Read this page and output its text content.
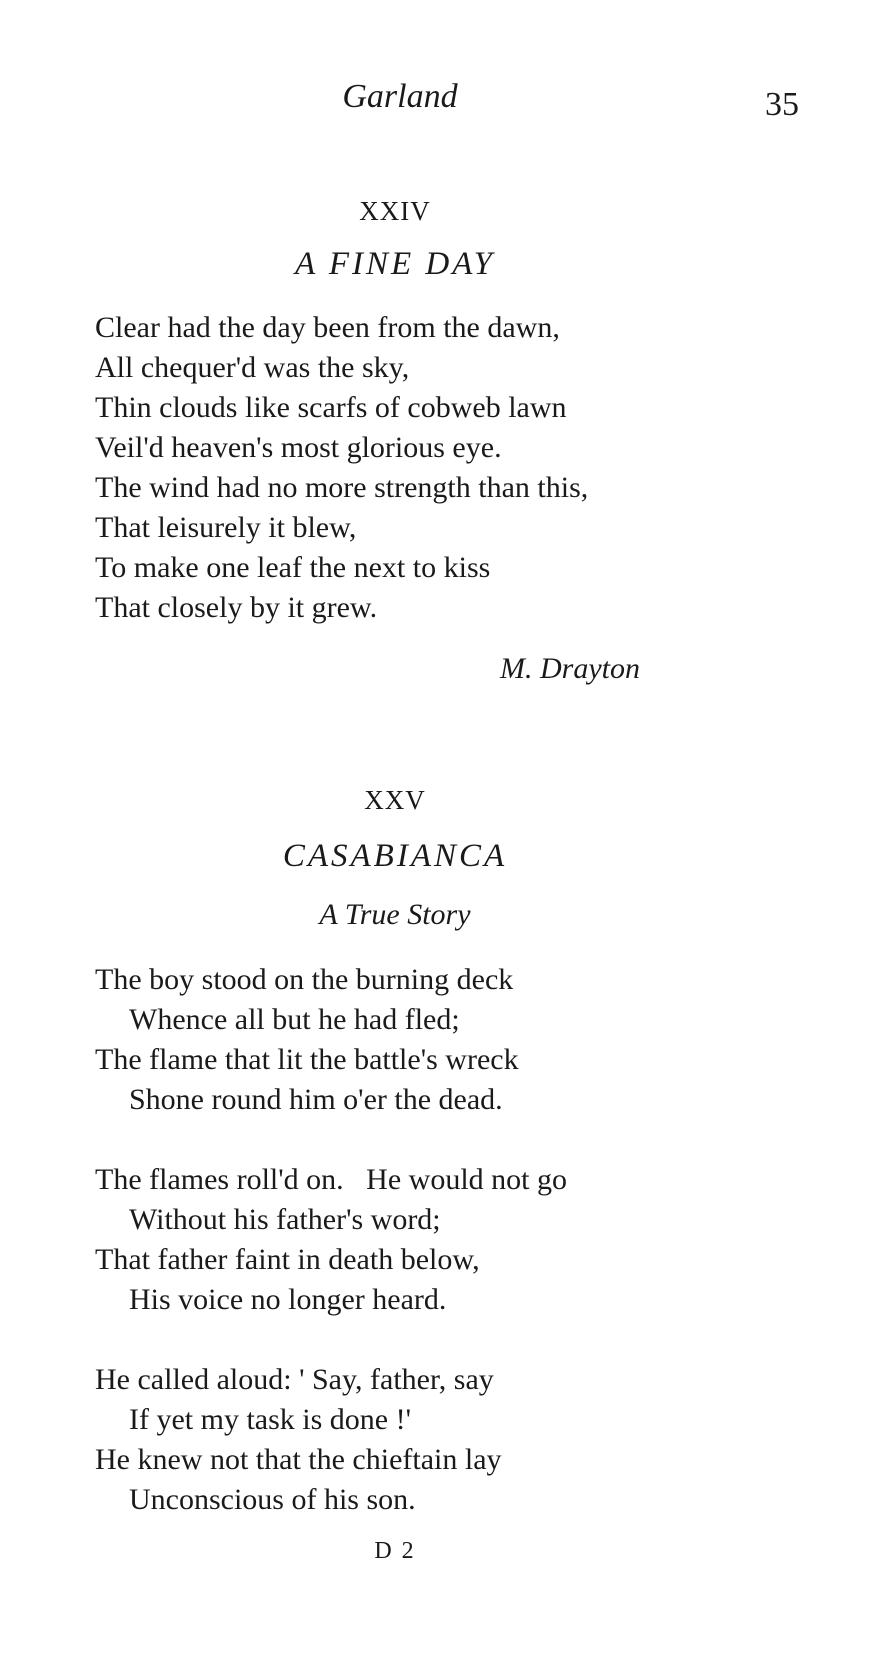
Garland	35
XXIV
A FINE DAY
Clear had the day been from the dawn,
All chequer'd was the sky,
Thin clouds like scarfs of cobweb lawn
Veil'd heaven's most glorious eye.
The wind had no more strength than this,
That leisurely it blew,
To make one leaf the next to kiss
That closely by it grew.
M. Drayton
XXV
CASABIANCA
A True Story
The boy stood on the burning deck
Whence all but he had fled;
The flame that lit the battle's wreck
Shone round him o'er the dead.
The flames roll'd on.   He would not go
Without his father's word;
That father faint in death below,
His voice no longer heard.
He called aloud: ' Say, father, say
If yet my task is done !'
He knew not that the chieftain lay
Unconscious of his son.
D 2
